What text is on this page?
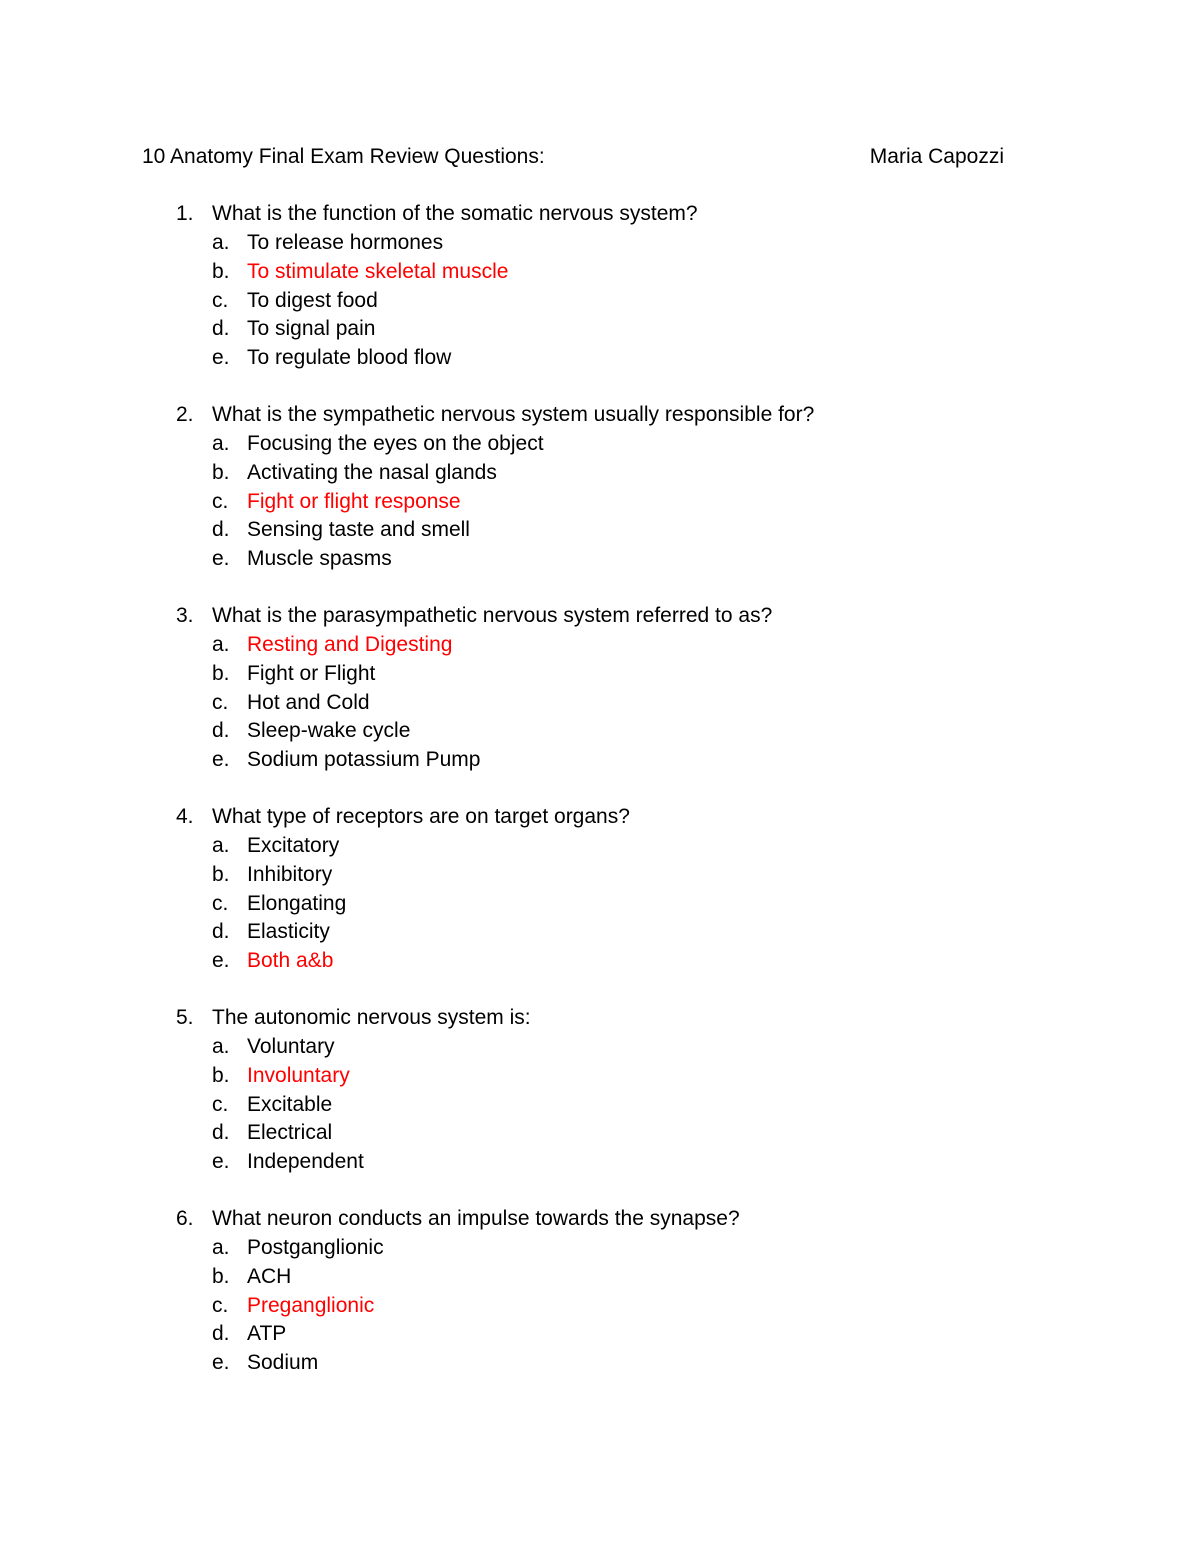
10 Anatomy Final Exam Review Questions:	Maria Capozzi
1. What is the function of the somatic nervous system?
a. To release hormones
b. To stimulate skeletal muscle
c. To digest food
d. To signal pain
e. To regulate blood flow
2. What is the sympathetic nervous system usually responsible for?
a. Focusing the eyes on the object
b. Activating the nasal glands
c. Fight or flight response
d. Sensing taste and smell
e. Muscle spasms
3. What is the parasympathetic nervous system referred to as?
a. Resting and Digesting
b. Fight or Flight
c. Hot and Cold
d. Sleep-wake cycle
e. Sodium potassium Pump
4. What type of receptors are on target organs?
a. Excitatory
b. Inhibitory
c. Elongating
d. Elasticity
e. Both a&b
5. The autonomic nervous system is:
a. Voluntary
b. Involuntary
c. Excitable
d. Electrical
e. Independent
6. What neuron conducts an impulse towards the synapse?
a. Postganglionic
b. ACH
c. Preganglionic
d. ATP
e. Sodium
